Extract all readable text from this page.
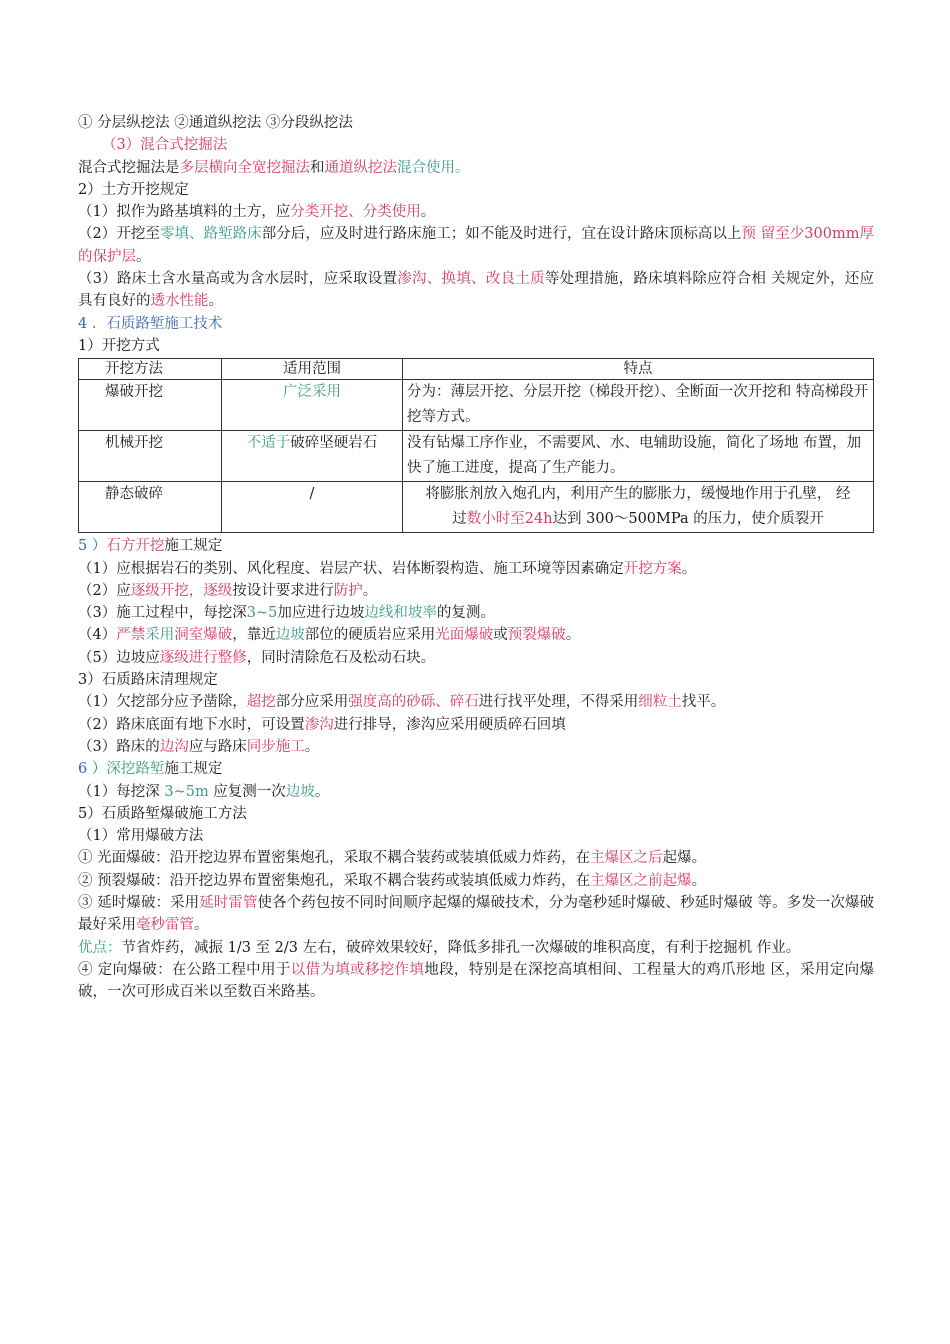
① 分层纵挖法 ②通道纵挖法 ③分段纵挖法
（3）混合式挖掘法
混合式挖掘法是多层横向全宽挖掘法和通道纵挖法混合使用。
2）土方开挖规定
（1）拟作为路基填料的土方，应分类开挖、分类使用。
（2）开挖至零填、路堑路床部分后，应及时进行路床施工；如不能及时进行，宜在设计路床顶标高以上预 留至少300mm厚的保护层。
（3）路床土含水量高或为含水层时，应采取设置渗沟、换填、改良土质等处理措施，路床填料除应符合相 关规定外，还应具有良好的透水性能。
4 ．石质路堑施工技术
1）开挖方式
开挖方法	适用范围	特点
爆破开挖	广泛采用	分为：薄层开挖、分层开挖（梯段开挖）、全断面一次开挖和 特高梯段开挖等方式。
机械开挖	不适于破碎坚硬岩石	没有钻爆工序作业，不需要风、水、电辅助设施，简化了场地 布置，加快了施工进度，提高了生产能力。
静态破碎	/	将膨胀剂放入炮孔内，利用产生的膨胀力，缓慢地作用于孔壁， 经
过数小时至24h达到 300～500MPa 的压力，使介质裂开
5 ）石方开挖施工规定
（1）应根据岩石的类别、风化程度、岩层产状、岩体断裂构造、施工环境等因素确定开挖方案。
（2）应逐级开挖，逐级按设计要求进行防护。
（3）施工过程中，每挖深3~5加应进行边坡边线和坡率的复测。
（4）严禁采用洞室爆破，靠近边坡部位的硬质岩应采用光面爆破或预裂爆破。
（5）边坡应逐级进行整修，同时清除危石及松动石块。
3）石质路床清理规定
（1）欠挖部分应予凿除，超挖部分应采用强度高的砂砾、碎石进行找平处理，不得采用细粒土找平。
（2）路床底面有地下水时，可设置渗沟进行排导，渗沟应采用硬质碎石回填
（3）路床的边沟应与路床同步施工。
6 ）深挖路堑施工规定
（1）每挖深 3~5m 应复测一次边坡。
5）石质路堑爆破施工方法
（1）常用爆破方法
① 光面爆破：沿开挖边界布置密集炮孔，采取不耦合装药或装填低威力炸药，在主爆区之后起爆。
② 预裂爆破：沿开挖边界布置密集炮孔，采取不耦合装药或装填低威力炸药，在主爆区之前起爆。
③ 延时爆破：采用延时雷管使各个药包按不同时间顺序起爆的爆破技术，分为毫秒延时爆破、秒延时爆破 等。多发一次爆破最好采用毫秒雷管。
优点：节省炸药，减振 1/3 至 2/3 左右，破碎效果较好，降低多排孔一次爆破的堆积高度，有利于挖掘机 作业。
④ 定向爆破：在公路工程中用于以借为填或移挖作填地段，特别是在深挖高填相间、工程量大的鸡爪形地 区，采用定向爆破，一次可形成百米以至数百米路基。
